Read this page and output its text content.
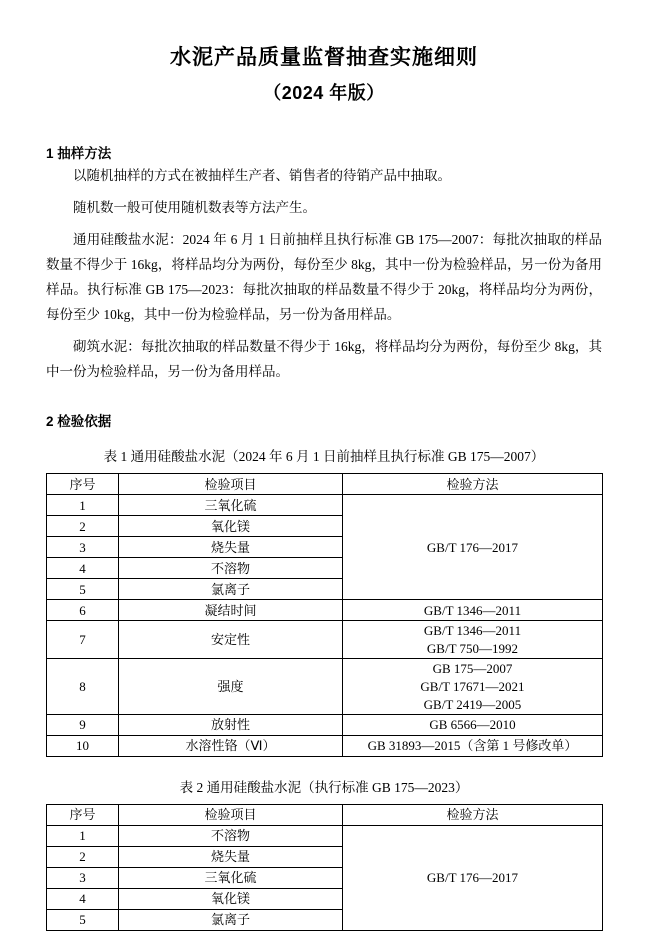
水泥产品质量监督抽查实施细则
（2024 年版）
1 抽样方法

以随机抽样的方式在被抽样生产者、销售者的待销产品中抽取。

随机数一般可使用随机数表等方法产生。

通用硅酸盐水泥：2024 年 6 月 1 日前抽样且执行标准 GB 175—2007：每批次抽取的样品数量不得少于 16kg，将样品均分为两份，每份至少 8kg，其中一份为检验样品，另一份为备用样品。执行标准 GB 175—2023：每批次抽取的样品数量不得少于 20kg，将样品均分为两份，每份至少 10kg，其中一份为检验样品，另一份为备用样品。

砌筑水泥：每批次抽取的样品数量不得少于 16kg，将样品均分为两份，每份至少 8kg，其中一份为检验样品，另一份为备用样品。

2 检验依据

表 1 通用硅酸盐水泥（2024 年 6 月 1 日前抽样且执行标准 GB 175—2007）

序号	检验项目	检验方法
1	三氧化硫	GB/T 176—2017
2	氧化镁	
3	烧失量	
4	不溶物	
5	氯离子	
6	凝结时间	GB/T 1346—2011
7	安定性	GB/T 1346—2011
GB/T 750—1992
8	强度	GB 175—2007
GB/T 17671—2021
GB/T 2419—2005
9	放射性	GB 6566—2010
10	水溶性铬（Ⅵ）	GB 31893—2015（含第 1 号修改单）

表 2 通用硅酸盐水泥（执行标准 GB 175—2023）

序号	检验项目	检验方法
1	不溶物	GB/T 176—2017
2	烧失量	
3	三氧化硫	
4	氧化镁	
5	氯离子	
